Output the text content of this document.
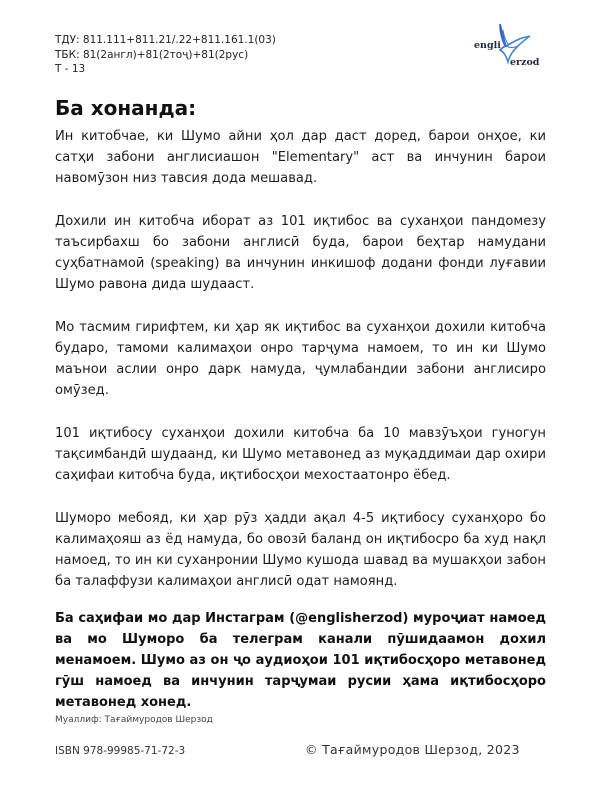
ТДУ: 811.111+811.21/.22+811.161.1(03)
ТБК: 81(2англ)+81(2тоҷ)+81(2рус)
Т - 13
engli
erzod
Ба хонанда:

Ин китобчае, ки Шумо айни ҳол дар даст доред, барои онҳое, ки сатҳи забони англисиашон "Elementary" аст ва инчунин барои навомӯзон низ тавсия дода мешавад.

Дохили ин китобча иборат аз 101 иқтибос ва суханҳои пандомезу таъсирбахш бо забони англисӣ буда, барои беҳтар намудани суҳбатнамоӣ (speaking) ва инчунин инкишоф додани фонди луғавии Шумо равона дида шудааст.

Мо тасмим гирифтем, ки ҳар як иқтибос ва суханҳои дохили китобча бударо, тамоми калимаҳои онро тарҷума намоем, то ин ки Шумо маънои аслии онро дарк намуда, ҷумлабандии забони англисиро омӯзед.

101 иқтибосу суханҳои дохили китобча ба 10 мавзӯъҳои гуногун тақсимбандӣ шудаанд, ки Шумо метавонед аз муқаддимаи дар охири саҳифаи китобча буда, иқтибосҳои мехостаатонро ёбед.

Шуморо мебояд, ки ҳар рӯз ҳадди ақал 4-5 иқтибосу суханҳоро бо калимаҳояш аз ёд намуда, бо овозӣ баланд он иқтибосро ба худ нақл намоед, то ин ки суханронии Шумо кушода шавад ва мушакҳои забон ба талаффузи калимаҳои англисӣ одат намоянд.

Ба саҳифаи мо дар Инстаграм (@englisherzod) муроҷиат намоед ва мо Шуморо ба телеграм канали пӯшидаамон дохил менамоем. Шумо аз он ҷо аудиоҳои 101 иқтибосҳоро метавонед гӯш намоед ва инчунин тарҷумаи русии ҳама иқтибосҳоро метавонед хонед.

Муаллиф: Тағаймуродов Шерзод

ISBN 978-99985-71-72-3	© Тағаймуродов Шерзод, 2023
